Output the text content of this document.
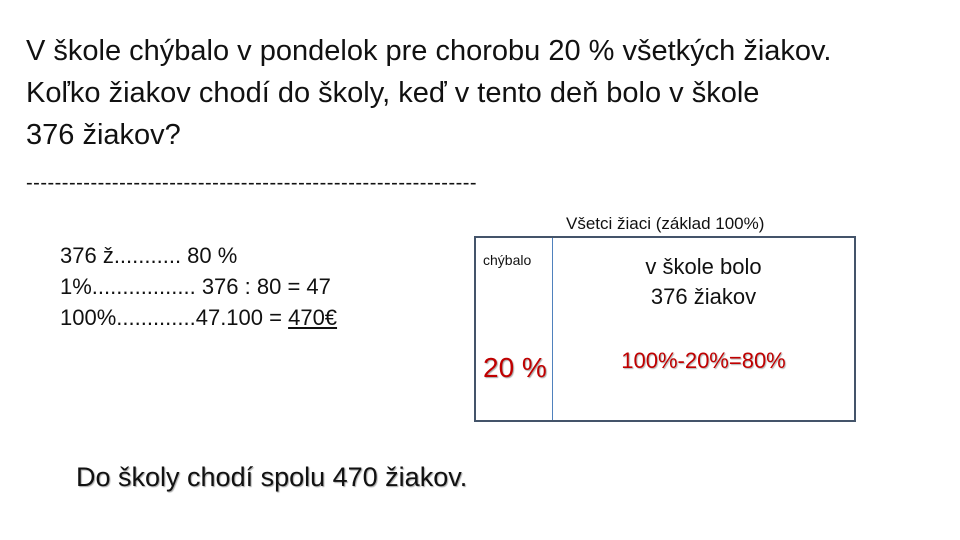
V škole chýbalo v pondelok pre chorobu 20 % všetkých žiakov.
Koľko žiakov chodí do školy, keď v tento deň bolo v škole
376 žiakov?
---------------------------------------------------------------
376 ž........... 80 %
1%................. 376 : 80 = 47
100%.............47.100 = 470€
Všetci žiaci (základ 100%)
chýbalo
20 %
v škole bolo
376 žiakov
100%-20%=80%
Do školy chodí spolu 470 žiakov.
